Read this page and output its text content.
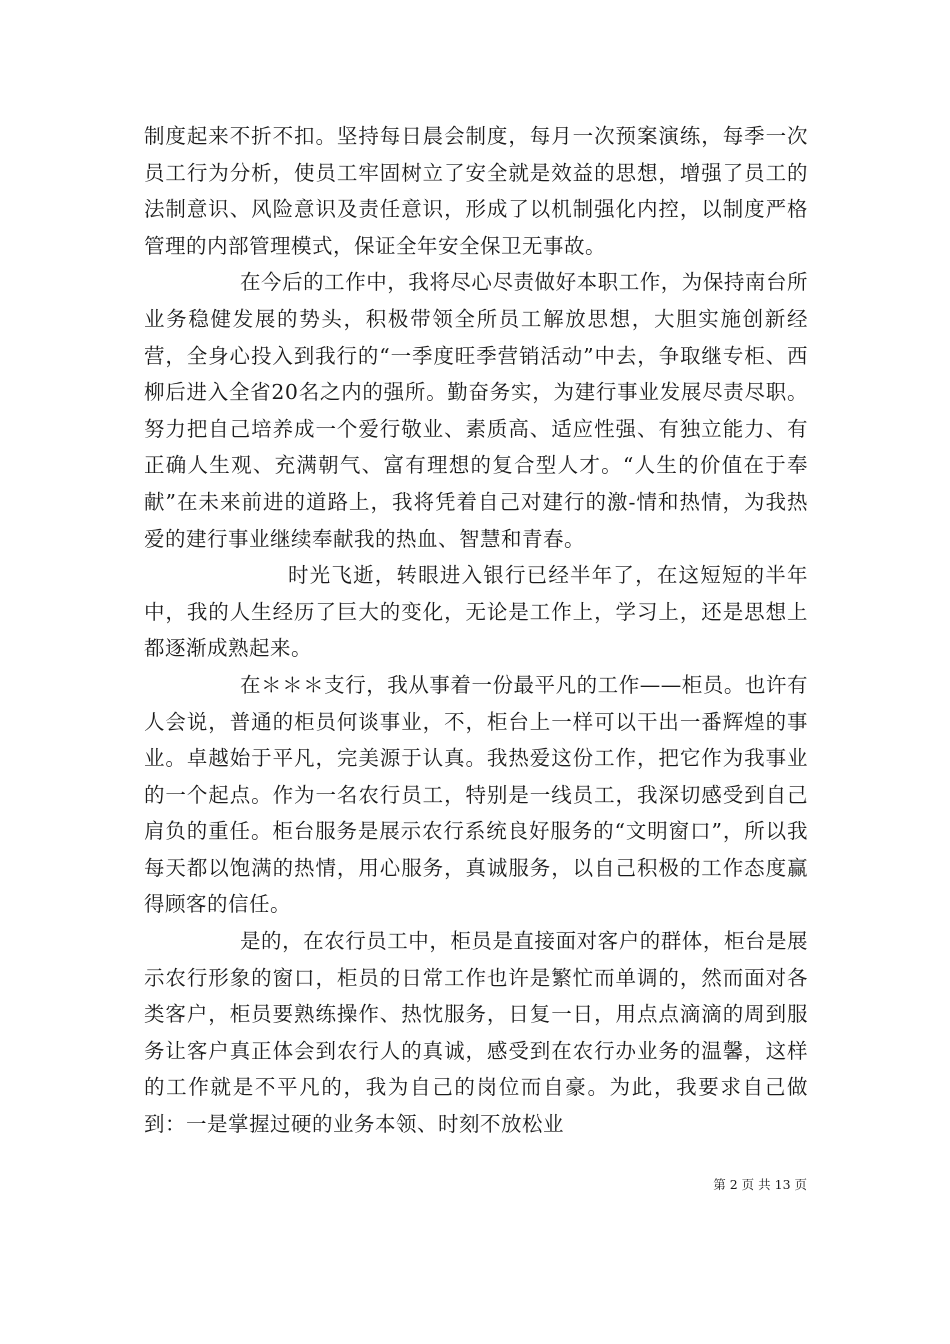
制度起来不折不扣。坚持每日晨会制度，每月一次预案演练，每季一次员工行为分析，使员工牢固树立了安全就是效益的思想，增强了员工的法制意识、风险意识及责任意识，形成了以机制强化内控，以制度严格管理的内部管理模式，保证全年安全保卫无事故。

在今后的工作中，我将尽心尽责做好本职工作，为保持南台所业务稳健发展的势头，积极带领全所员工解放思想，大胆实施创新经营，全身心投入到我行的“一季度旺季营销活动”中去，争取继专柜、西柳后进入全省20名之内的强所。勤奋务实，为建行事业发展尽责尽职。努力把自己培养成一个爱行敬业、素质高、适应性强、有独立能力、有正确人生观、充满朝气、富有理想的复合型人才。“人生的价值在于奉献”在未来前进的道路上，我将凭着自己对建行的激-情和热情，为我热爱的建行事业继续奉献我的热血、智慧和青春。

时光飞逝，转眼进入银行已经半年了，在这短短的半年中，我的人生经历了巨大的变化，无论是工作上，学习上，还是思想上都逐渐成熟起来。

在＊＊＊支行，我从事着一份最平凡的工作——柜员。也许有人会说，普通的柜员何谈事业，不，柜台上一样可以干出一番辉煌的事业。卓越始于平凡，完美源于认真。我热爱这份工作，把它作为我事业的一个起点。作为一名农行员工，特别是一线员工，我深切感受到自己肩负的重任。柜台服务是展示农行系统良好服务的“文明窗口”，所以我每天都以饱满的热情，用心服务，真诚服务，以自己积极的工作态度赢得顾客的信任。

是的，在农行员工中，柜员是直接面对客户的群体，柜台是展示农行形象的窗口，柜员的日常工作也许是繁忙而单调的，然而面对各类客户，柜员要熟练操作、热忱服务，日复一日，用点点滴滴的周到服务让客户真正体会到农行人的真诚，感受到在农行办业务的温馨，这样的工作就是不平凡的，我为自己的岗位而自豪。为此，我要求自己做到：一是掌握过硬的业务本领、时刻不放松业

第 2 页 共 13 页
